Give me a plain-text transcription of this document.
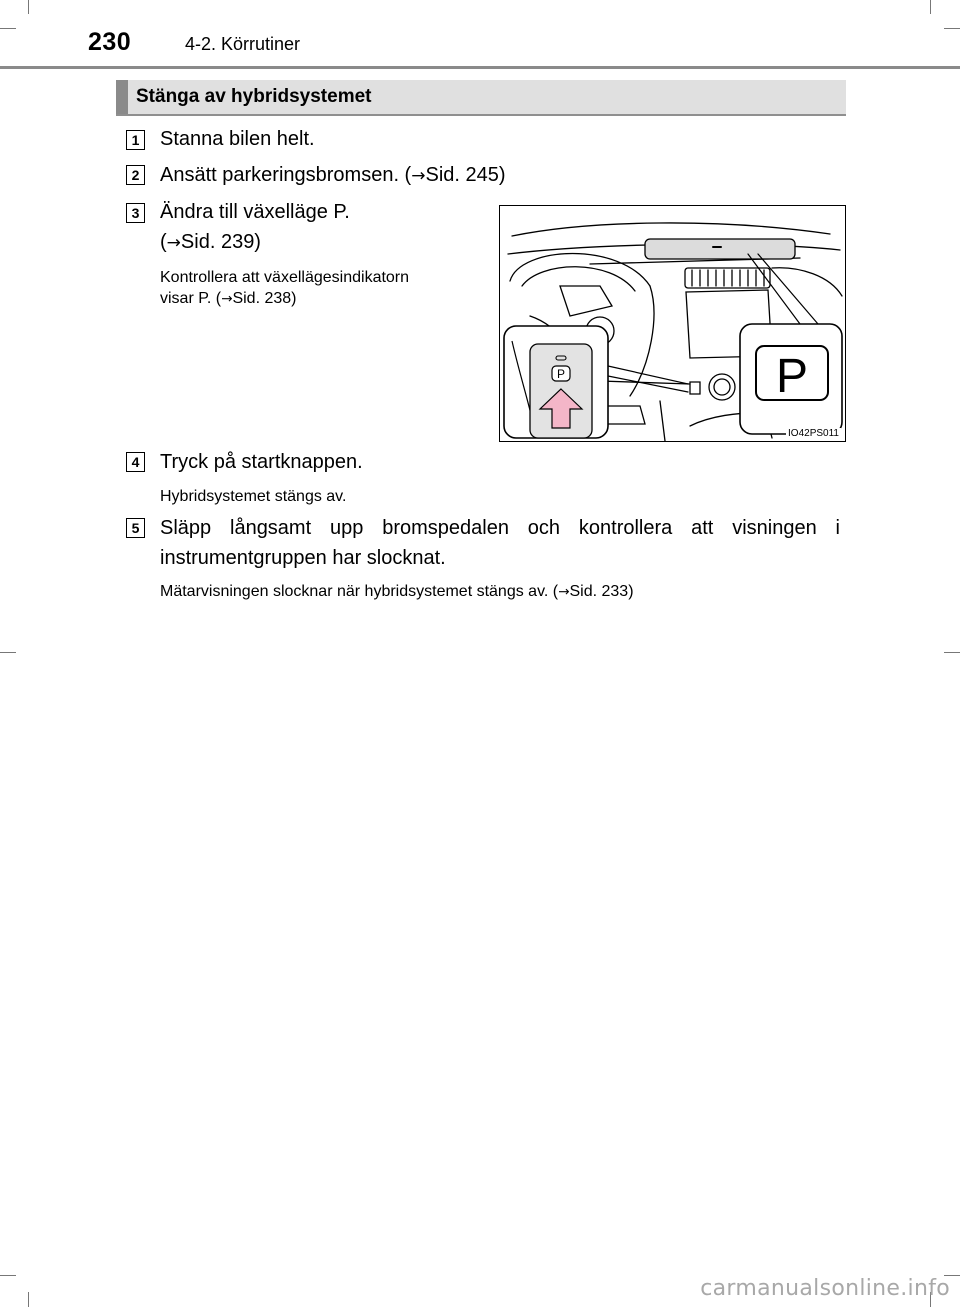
230	4-2. Körrutiner
Stänga av hybridsystemet
1 Stanna bilen helt.
2 Ansätt parkeringsbromsen. (→Sid. 245)
3 Ändra till växelläge P.
(→Sid. 239)
Kontrollera att växellägesindikatorn
visar P. (→Sid. 238)
P	P
IO42PS011
4 Tryck på startknappen.
Hybridsystemet stängs av.
5 Släpp långsamt upp bromspedalen och kontrollera att visningen i instrumentgruppen har slocknat.
Mätarvisningen slocknar när hybridsystemet stängs av. (→Sid. 233)
carmanualsonline.info
